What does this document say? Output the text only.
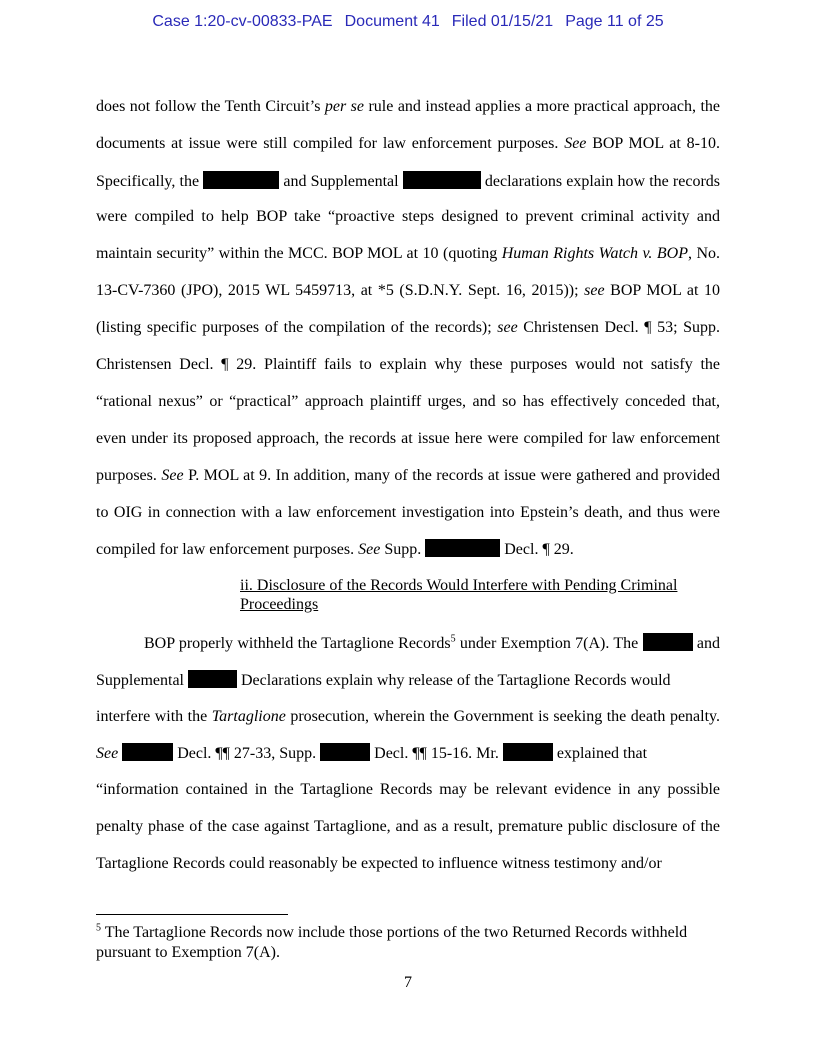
Case 1:20-cv-00833-PAE Document 41 Filed 01/15/21 Page 11 of 25
does not follow the Tenth Circuit’s per se rule and instead applies a more practical approach, the
documents at issue were still compiled for law enforcement purposes. See BOP MOL at 8-10.
Specifically, the	and Supplemental	declarations explain how the records
were compiled to help BOP take “proactive steps designed to prevent criminal activity and
maintain security” within the MCC. BOP MOL at 10 (quoting Human Rights Watch v. BOP, No.
13-CV-7360 (JPO), 2015 WL 5459713, at *5 (S.D.N.Y. Sept. 16, 2015)); see BOP MOL at 10
(listing specific purposes of the compilation of the records); see Christensen Decl. ¶ 53; Supp.
Christensen Decl. ¶ 29. Plaintiff fails to explain why these purposes would not satisfy the
“rational nexus” or “practical” approach plaintiff urges, and so has effectively conceded that,
even under its proposed approach, the records at issue here were compiled for law enforcement
purposes. See P. MOL at 9. In addition, many of the records at issue were gathered and provided
to OIG in connection with a law enforcement investigation into Epstein’s death, and thus were
compiled for law enforcement purposes. See Supp.	Decl. ¶ 29.
ii. Disclosure of the Records Would Interfere with Pending Criminal Proceedings
BOP properly withheld the Tartaglione Records$^5$ under Exemption 7(A). The	and
Supplemental	Declarations explain why release of the Tartaglione Records would
interfere with the Tartaglione prosecution, wherein the Government is seeking the death penalty.
See	Decl. ¶¶ 27-33, Supp.	Decl. ¶¶ 15-16. Mr.	explained that
“information contained in the Tartaglione Records may be relevant evidence in any possible
penalty phase of the case against Tartaglione, and as a result, premature public disclosure of the
Tartaglione Records could reasonably be expected to influence witness testimony and/or
$^5$ The Tartaglione Records now include those portions of the two Returned Records withheld pursuant to Exemption 7(A).
7
